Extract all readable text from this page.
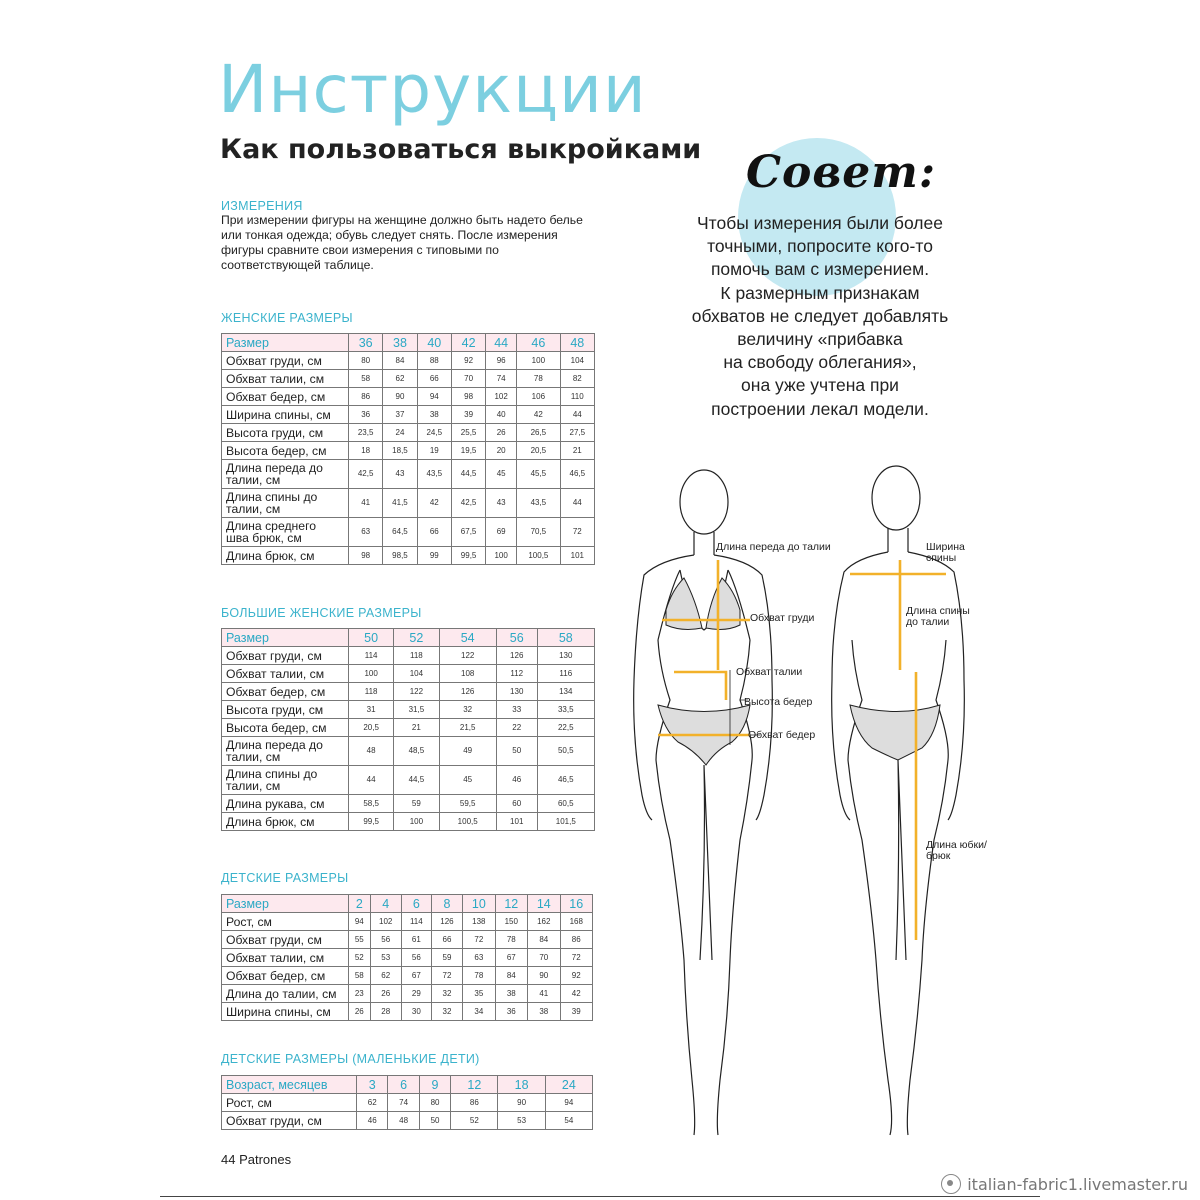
Инструкции
Как пользоваться выкройками
ИЗМЕРЕНИЯ

При измерении фигуры на женщине должно быть надето белье или тонкая одежда; обувь следует снять. После измерения фигуры сравните свои измерения с типовыми по соответствующей таблице.

ЖЕНСКИЕ РАЗМЕРЫ
Размер	36	38	40	42	44	46	48
Обхват груди, см	80	84	88	92	96	100	104
Обхват талии, см	58	62	66	70	74	78	82
Обхват бедер, см	86	90	94	98	102	106	110
Ширина спины, см	36	37	38	39	40	42	44
Высота груди, см	23,5	24	24,5	25,5	26	26,5	27,5
Высота бедер, см	18	18,5	19	19,5	20	20,5	21
Длина переда до талии, см	42,5	43	43,5	44,5	45	45,5	46,5
Длина спины до талии, см	41	41,5	42	42,5	43	43,5	44
Длина среднего шва брюк, см	63	64,5	66	67,5	69	70,5	72
Длина брюк, см	98	98,5	99	99,5	100	100,5	101
БОЛЬШИЕ ЖЕНСКИЕ РАЗМЕРЫ
Размер	50	52	54	56	58
Обхват груди, см	114	118	122	126	130
Обхват талии, см	100	104	108	112	116
Обхват бедер, см	118	122	126	130	134
Высота груди, см	31	31,5	32	33	33,5
Высота бедер, см	20,5	21	21,5	22	22,5
Длина переда до талии, см	48	48,5	49	50	50,5
Длина спины до талии, см	44	44,5	45	46	46,5
Длина рукава, см	58,5	59	59,5	60	60,5
Длина брюк, см	99,5	100	100,5	101	101,5
ДЕТСКИЕ РАЗМЕРЫ
Размер	2	4	6	8	10	12	14	16
Рост, см	94	102	114	126	138	150	162	168
Обхват груди, см	55	56	61	66	72	78	84	86
Обхват талии, см	52	53	56	59	63	67	70	72
Обхват бедер, см	58	62	67	72	78	84	90	92
Длина до талии, см	23	26	29	32	35	38	41	42
Ширина спины, см	26	28	30	32	34	36	38	39
ДЕТСКИЕ РАЗМЕРЫ (МАЛЕНЬКИЕ ДЕТИ)
Возраст, месяцев	3	6	9	12	18	24
Рост, см	62	74	80	86	90	94
Обхват груди, см	46	48	50	52	53	54
Совет:

Чтобы измерения были более
точными, попросите кого-то
помочь вам с измерением.
К размерным признакам
обхватов не следует добавлять
величину «прибавка
на свободу облегания»,
она уже учтена при
построении лекал модели.

Длина переда до талии
Обхват груди
Обхват талии
Высота бедер
Обхват бедер
Ширина спины
Длина спины до талии
Длина юбки/брюк
44 Patrones
italian-fabric1.livemaster.ru
